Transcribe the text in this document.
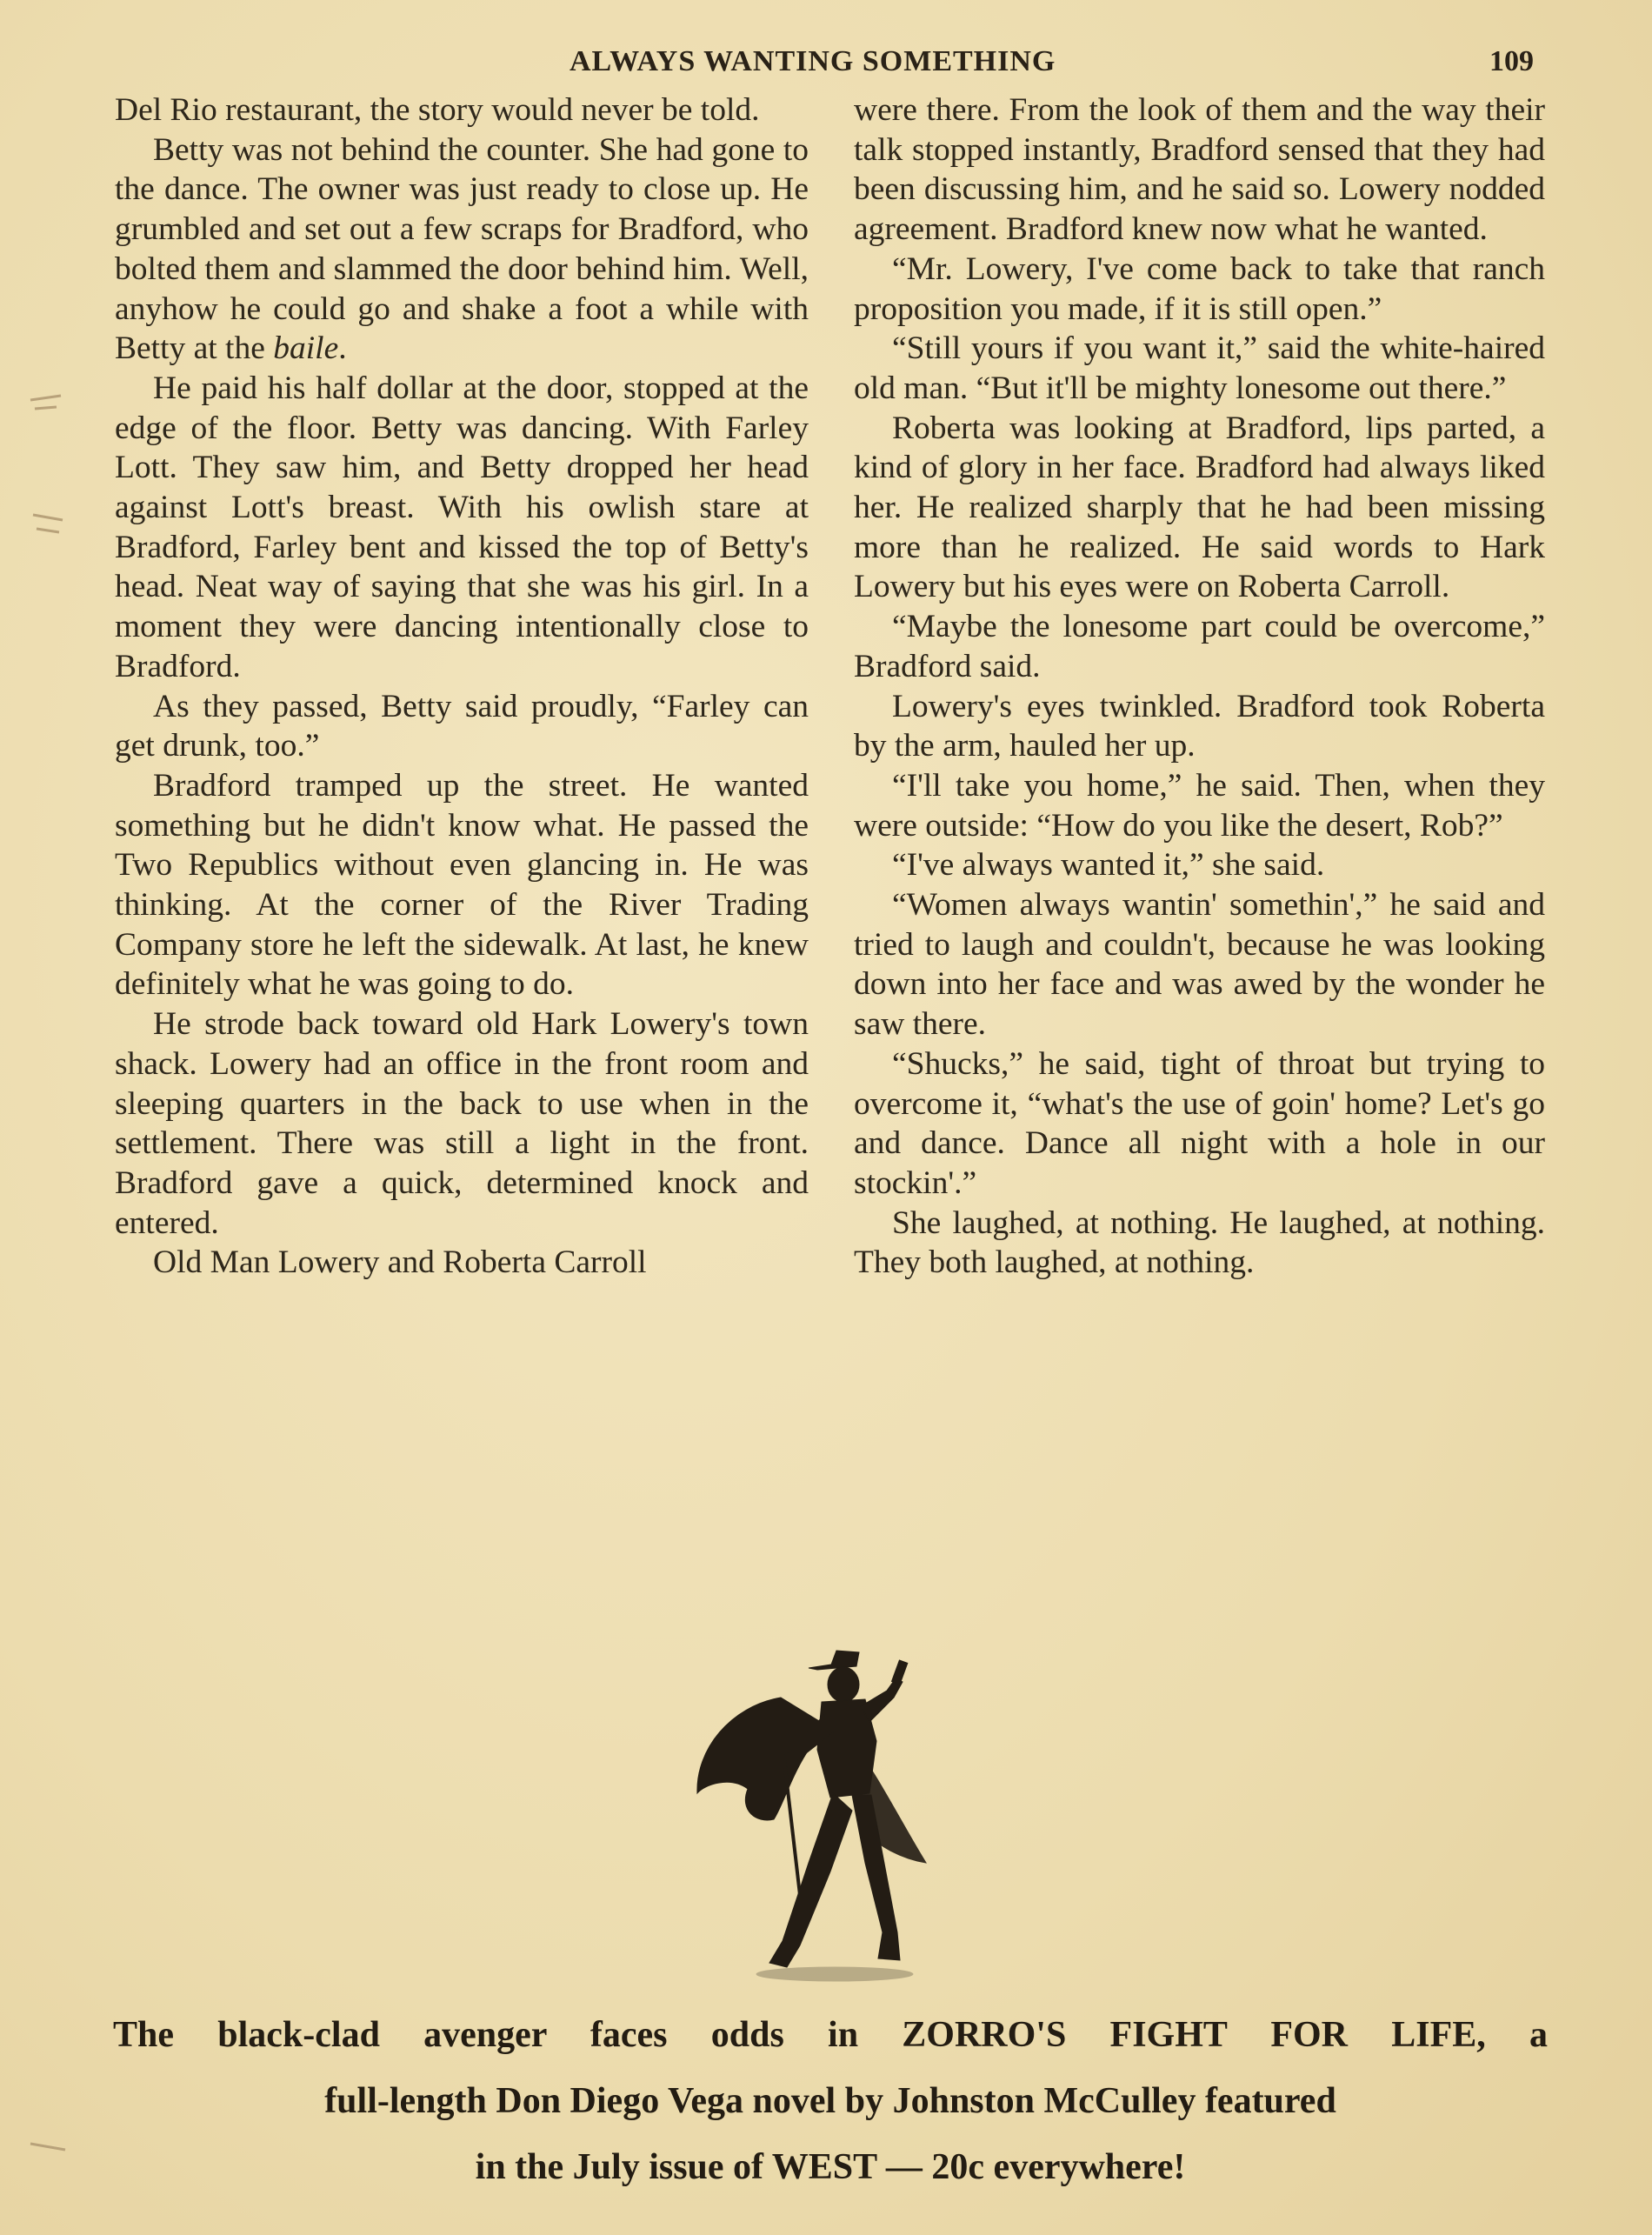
ALWAYS WANTING SOMETHING	109

Del Rio restaurant, the story would never be told.

Betty was not behind the counter. She had gone to the dance. The owner was just ready to close up. He grumbled and set out a few scraps for Bradford, who bolted them and slammed the door behind him. Well, anyhow he could go and shake a foot a while with Betty at the baile.

He paid his half dollar at the door, stopped at the edge of the floor. Betty was dancing. With Farley Lott. They saw him, and Betty dropped her head against Lott's breast. With his owlish stare at Bradford, Farley bent and kissed the top of Betty's head. Neat way of saying that she was his girl. In a moment they were dancing intentionally close to Bradford.

As they passed, Betty said proudly, “Farley can get drunk, too.”

Bradford tramped up the street. He wanted something but he didn't know what. He passed the Two Republics without even glancing in. He was thinking. At the corner of the River Trading Company store he left the sidewalk. At last, he knew definitely what he was going to do.

He strode back toward old Hark Lowery's town shack. Lowery had an office in the front room and sleeping quarters in the back to use when in the settlement. There was still a light in the front. Bradford gave a quick, determined knock and entered.

Old Man Lowery and Roberta Carroll

were there. From the look of them and the way their talk stopped instantly, Bradford sensed that they had been discussing him, and he said so. Lowery nodded agreement. Bradford knew now what he wanted.

“Mr. Lowery, I've come back to take that ranch proposition you made, if it is still open.”

“Still yours if you want it,” said the white-haired old man. “But it'll be mighty lonesome out there.”

Roberta was looking at Bradford, lips parted, a kind of glory in her face. Bradford had always liked her. He realized sharply that he had been missing more than he realized. He said words to Hark Lowery but his eyes were on Roberta Carroll.

“Maybe the lonesome part could be overcome,” Bradford said.

Lowery's eyes twinkled. Bradford took Roberta by the arm, hauled her up.

“I'll take you home,” he said. Then, when they were outside: “How do you like the desert, Rob?”

“I've always wanted it,” she said.

“Women always wantin' somethin',” he said and tried to laugh and couldn't, because he was looking down into her face and was awed by the wonder he saw there.

“Shucks,” he said, tight of throat but trying to overcome it, “what's the use of goin' home? Let's go and dance. Dance all night with a hole in our stockin'.”

She laughed, at nothing. He laughed, at nothing. They both laughed, at nothing.

The black-clad avenger faces odds in ZORRO'S FIGHT FOR LIFE, a
full-length Don Diego Vega novel by Johnston McCulley featured
in the July issue of WEST — 20c everywhere!
